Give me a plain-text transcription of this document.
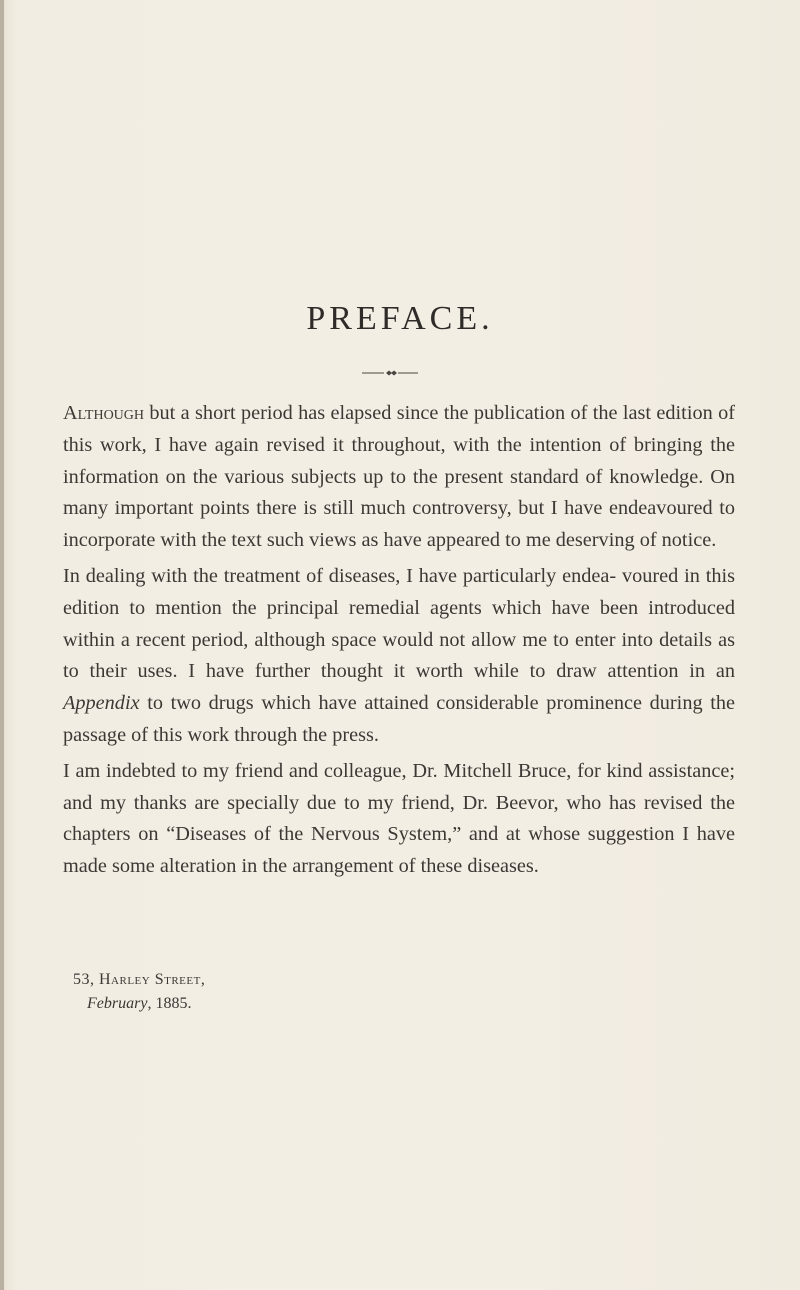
PREFACE.

Although but a short period has elapsed since the publication of the last edition of this work, I have again revised it throughout, with the intention of bringing the information on the various subjects up to the present standard of knowledge. On many important points there is still much controversy, but I have endeavoured to incorporate with the text such views as have appeared to me deserving of notice.

In dealing with the treatment of diseases, I have particularly endea- voured in this edition to mention the principal remedial agents which have been introduced within a recent period, although space would not allow me to enter into details as to their uses. I have further thought it worth while to draw attention in an Appendix to two drugs which have attained considerable prominence during the passage of this work through the press.

I am indebted to my friend and colleague, Dr. Mitchell Bruce, for kind assistance; and my thanks are specially due to my friend, Dr. Beevor, who has revised the chapters on “Diseases of the Nervous System,” and at whose suggestion I have made some alteration in the arrangement of these diseases.

53, Harley Street,
February, 1885.
